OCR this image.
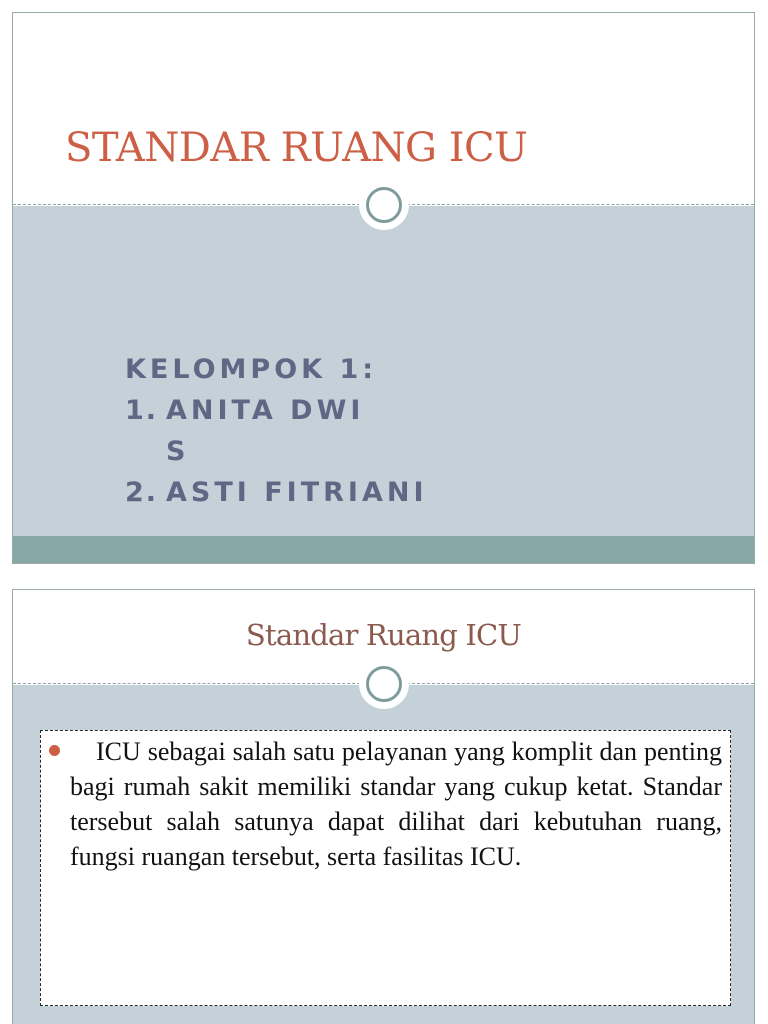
STANDAR RUANG ICU
KELOMPOK 1:
1. ANITA DWI S
2. ASTI FITRIANI
Standar Ruang ICU

ICU sebagai salah satu pelayanan yang komplit dan penting bagi rumah sakit memiliki standar yang cukup ketat. Standar tersebut salah satunya dapat dilihat dari kebutuhan ruang, fungsi ruangan tersebut, serta fasilitas ICU.
